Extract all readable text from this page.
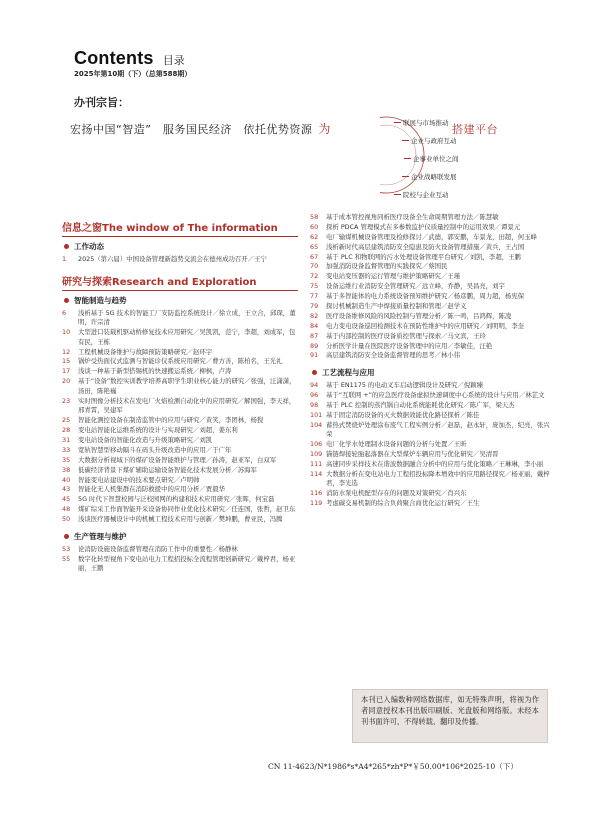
Contents 目录
2025年第10期（下）（总第588期）
办刊宗旨：
宏扬中国“智造”　服务国民经济　依托优势资源 为	搭建平台
联展与市场推动
企业与政府互动
企事业单位之间
企业战略联发展
院校与企业互动
信息之窗The window of The information
工作动态
1	2025（第六届）中国设备管理新趋势交流会在德州成功召开／王宁
研究与探索Research and Exploration
智能制造与趋势
6	浅析基于 5G 技术的智能工厂安防监控系统设计／徐立成，王立合，邱琛，董明，许宗清
10	大型进口装载机驱动桥修复技术应用研究／吴凯凯，范宁，李超，刘成军，包有民，王栋
12	工程机械设备维护与故障预防策略研究／赵环宇
15	锅炉受热面仪式监测与智能诊仪系统应用研究／曹方善，陈柏名，王光礼
17	浅谈一种基于新型搭锡机的快速搬运系统／柳枫，卢涛
20	基于“设备”数控实训教学培养高职学生职业核心能力的研究／张强，汪潇潇，汤田，陈艳巍
23	实时图像分析技术在发电厂火焰检测自动化中的应用研究／解国强，李天祥，邢青霄，吴建军
25	智能化测控设备在制造监管中的应用与研究／黄笑，李团林，杨猊
28	变电站智能化运维系统的设计与实现研究／刘超，姜东利
31	变电站设备的智能化改造与升级策略研究／刘凯
33	宽轨智慧型移动隔斗在码头升级改造中的应用／于广年
35	大数据分析视域下的煤矿设备智能维护与管理／孙涛，赵亚军，白双军
38	低碳经济背景下煤矿辅助运输设备智能化技术发展分析／苏海军
40	智能变电站建设中的技术要点研究／卢明帅
43	智能化无人机集群在消防救援中的应用分析／贾毅华
45	5G 时代下智慧校园与泛校园网的构建和技术应用研究／张晖，何宝磊
48	煤矿综采工作面智能开采设备协同作业优化技术研究／任连国，张哲，赵卫东
50	浅谈医疗器械设计中的机械工程技术应用与创新／樊坤鹏，曹亚民，冯腾
生产管理与维护
53	论消防设施设备监督管理在消防工作中的重要性／杨静林
55	数字化转型视角下变电站电力工程招投标全流程管理创新研究／戴梓君，杨亚丽，王鹏
58	基于成本管控视角同析医疗设备全生命周期管理方法／陈慧敏
60	探析 PDCA 管理模式在多参数监护仪质量控制中的运用效果／谭景元
62	电厂输煤机械设备管理及检修探讨／武德，郭安鹏，车景龙，田超，何玉峰
65	浅析新时代高层建筑消防安全隐患及防火设备管理措施／黄兵，王占国
67	基于 PLC 和物联网的污水处理设备管理平台研究／刘凯，李超，王鹏
70	加强消防设备监督管理的实践探究／蔡国民
72	变电站变压器的运行管理与维护策略研究／王瑾
75	设备运维行业消防安全管理研究／远立峰，乔静，吴昌亮，刘宇
77	基于多智能体的电力系统设备预知维护研究／杨彦鹏，周力超，杨宪保
79	探讨机械制造生产中焊接质量控制和管理／赵学义
82	医疗设备维修风险的风险控制与管理分析／陈一鸣，吕鸿辉，陈凌
84	电力变电设备巡回检测技术在预防性维护中的应用研究／刘明明，李奎
87	基于内部控制的医疗设备质控管理与探索／马文宾，王玲
89	分析医学计量在医院医疗设备管理中的应用／李敏佳，汪艳
91	高层建筑消防安全设备监督管理的思考／林小伟
工艺流程与应用
94	基于 EN1175 的电动叉车启动逻辑设计及研究／倪颖臻
96	基于“互联网 +”的应急医疗设备虚拟快速调度中心系统的设计与应用／林芷文
98	基于 PLC 控制的蒸汽锅自动化系统能耗优化研究／陈广军，梁天杰
101 基于固定消防设备的灭火数据效能优化路径探析／陈佳
104 蓄热式焚烧炉处理涂布废气工程实例分析／赵磊，赵永轩，庞加杰，纪亮，张兴荣
106 电厂化学水处理制水设备问题的分析与处置／王昕
109 锚链焊接轮胎起落器在大型煤炉车辆应用与优化研究／吴清晋
111 高速同步采样技术在谐波数据融合分析中的应用与优化策略／王琳琳，李小丽
114 大数据分析在变电站电力工程招投标降本增效中的应用路径探究／杨亚丽，戴梓君，李光选
116 消防水泵电机配型存在的问题及对策研究／肖兴东
119 考虑碳交易机制的综合负荷聚合商优化运行研究／王生
本刊已入编数种网络数据库，如无特殊声明，将视为作者同意授权本刊出版印刷版、光盘版和网络版。未经本刊书面许可，不得转载、翻印及传播。
CN 11-4623/N*1986*s*A4*265*zh*P*￥50.00*106*2025-10（下）
